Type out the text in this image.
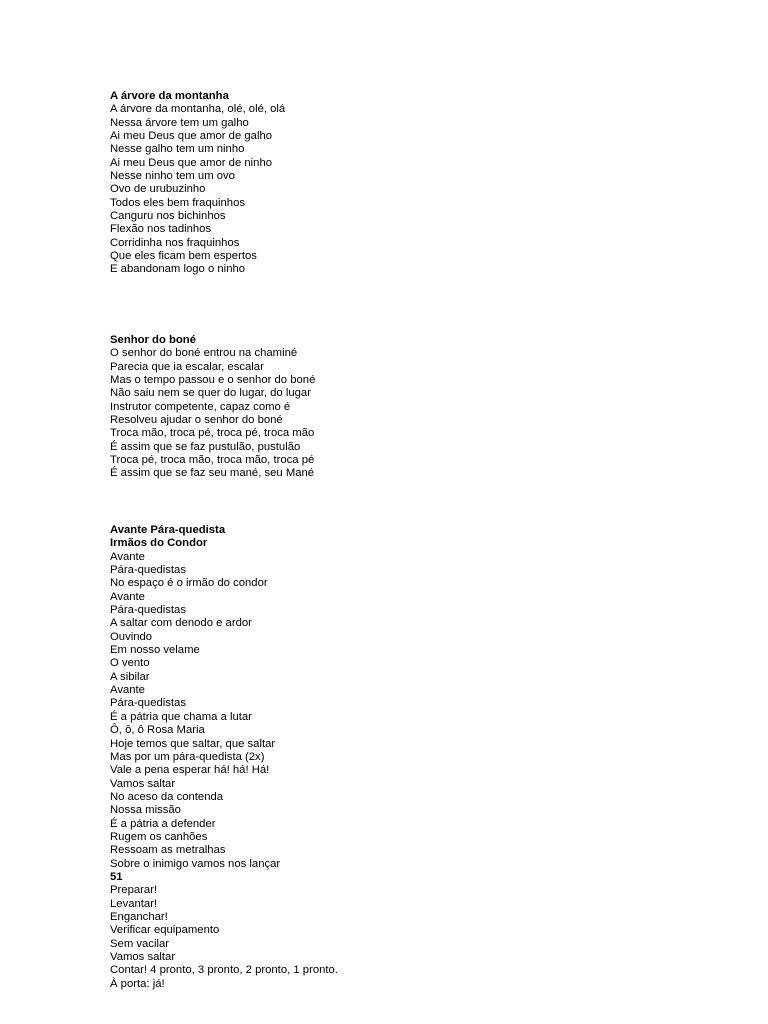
A árvore da montanha
A árvore da montanha, olé, olé, olá
Nessa árvore tem um galho
Ai meu Deus que amor de galho
Nesse galho tem um ninho
Ai meu Deus que amor de ninho
Nesse ninho tem um ovo
Ovo de urubuzinho
Todos eles bem fraquinhos
Canguru nos bichinhos
Flexão nos tadinhos
Corridinha nos fraquinhos
Que eles ficam bem espertos
E abandonam logo o ninho
Senhor do boné
O senhor do boné entrou na chaminé
Parecia que ia escalar, escalar
Mas o tempo passou e o senhor do boné
Não saiu nem se quer do lugar, do lugar
Instrutor competente, capaz como é
Resolveu ajudar o senhor do boné
Troca mão, troca pé, troca pé, troca mão
É assim que se faz pustulão, pustulão
Troca pé, troca mão, troca mão, troca pé
É assim que se faz seu mané, seu Mané
Avante Pára-quedista
Irmãos do Condor
Avante
Pára-quedistas
No espaço é o irmão do condor
Avante
Pára-quedistas
A saltar com denodo e ardor
Ouvindo
Em nosso velame
O vento
A sibilar
Avante
Pára-quedistas
É a pátria que chama a lutar
Ô, ô, ô Rosa Maria
Hoje temos que saltar, que saltar
Mas por um pára-quedista (2x)
Vale a pena esperar há! há! Há!
Vamos saltar
No aceso da contenda
Nossa missão
É a pátria a defender
Rugem os canhões
Ressoam as metralhas
Sobre o inimigo vamos nos lançar
51
Preparar!
Levantar!
Enganchar!
Verificar equipamento
Sem vacilar
Vamos saltar
Contar! 4 pronto, 3 pronto, 2 pronto, 1 pronto.
À porta: já!
